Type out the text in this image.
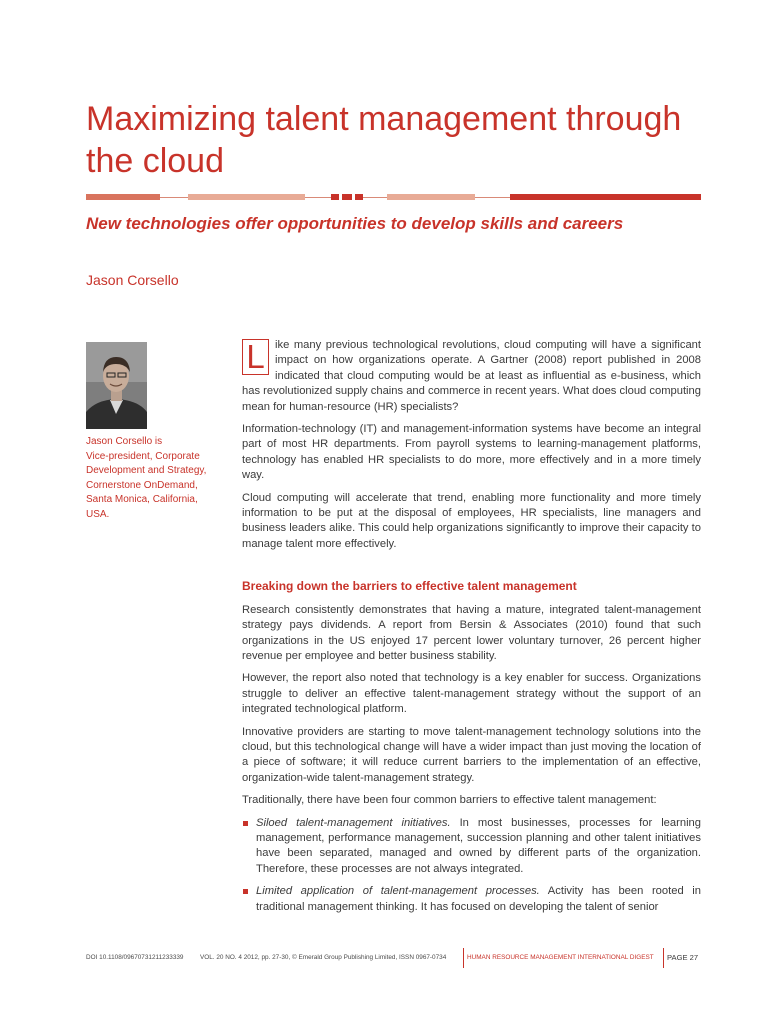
Maximizing talent management through the cloud
New technologies offer opportunities to develop skills and careers

Jason Corsello

Jason Corsello is
Vice-president, Corporate
Development and Strategy,
Cornerstone OnDemand,
Santa Monica, California,
USA.

L ike many previous technological revolutions, cloud computing will have a significant impact on how organizations operate. A Gartner (2008) report published in 2008 indicated that cloud computing would be at least as influential as e-business, which has revolutionized supply chains and commerce in recent years. What does cloud computing mean for human-resource (HR) specialists?

Information-technology (IT) and management-information systems have become an integral part of most HR departments. From payroll systems to learning-management platforms, technology has enabled HR specialists to do more, more effectively and in a more timely way.

Cloud computing will accelerate that trend, enabling more functionality and more timely information to be put at the disposal of employees, HR specialists, line managers and business leaders alike. This could help organizations significantly to improve their capacity to manage talent more effectively.

Breaking down the barriers to effective talent management

Research consistently demonstrates that having a mature, integrated talent-management strategy pays dividends. A report from Bersin & Associates (2010) found that such organizations in the US enjoyed 17 percent lower voluntary turnover, 26 percent higher revenue per employee and better business stability.

However, the report also noted that technology is a key enabler for success. Organizations struggle to deliver an effective talent-management strategy without the support of an integrated technological platform.

Innovative providers are starting to move talent-management technology solutions into the cloud, but this technological change will have a wider impact than just moving the location of a piece of software; it will reduce current barriers to the implementation of an effective, organization-wide talent-management strategy.

Traditionally, there have been four common barriers to effective talent management:

Siloed talent-management initiatives. In most businesses, processes for learning management, performance management, succession planning and other talent initiatives have been separated, managed and owned by different parts of the organization. Therefore, these processes are not always integrated.
Limited application of talent-management processes. Activity has been rooted in traditional management thinking. It has focused on developing the talent of senior
DOI 10.1108/09670731211233339	VOL. 20 NO. 4 2012, pp. 27-30, © Emerald Group Publishing Limited, ISSN 0967-0734	HUMAN RESOURCE MANAGEMENT INTERNATIONAL DIGEST PAGE 27
